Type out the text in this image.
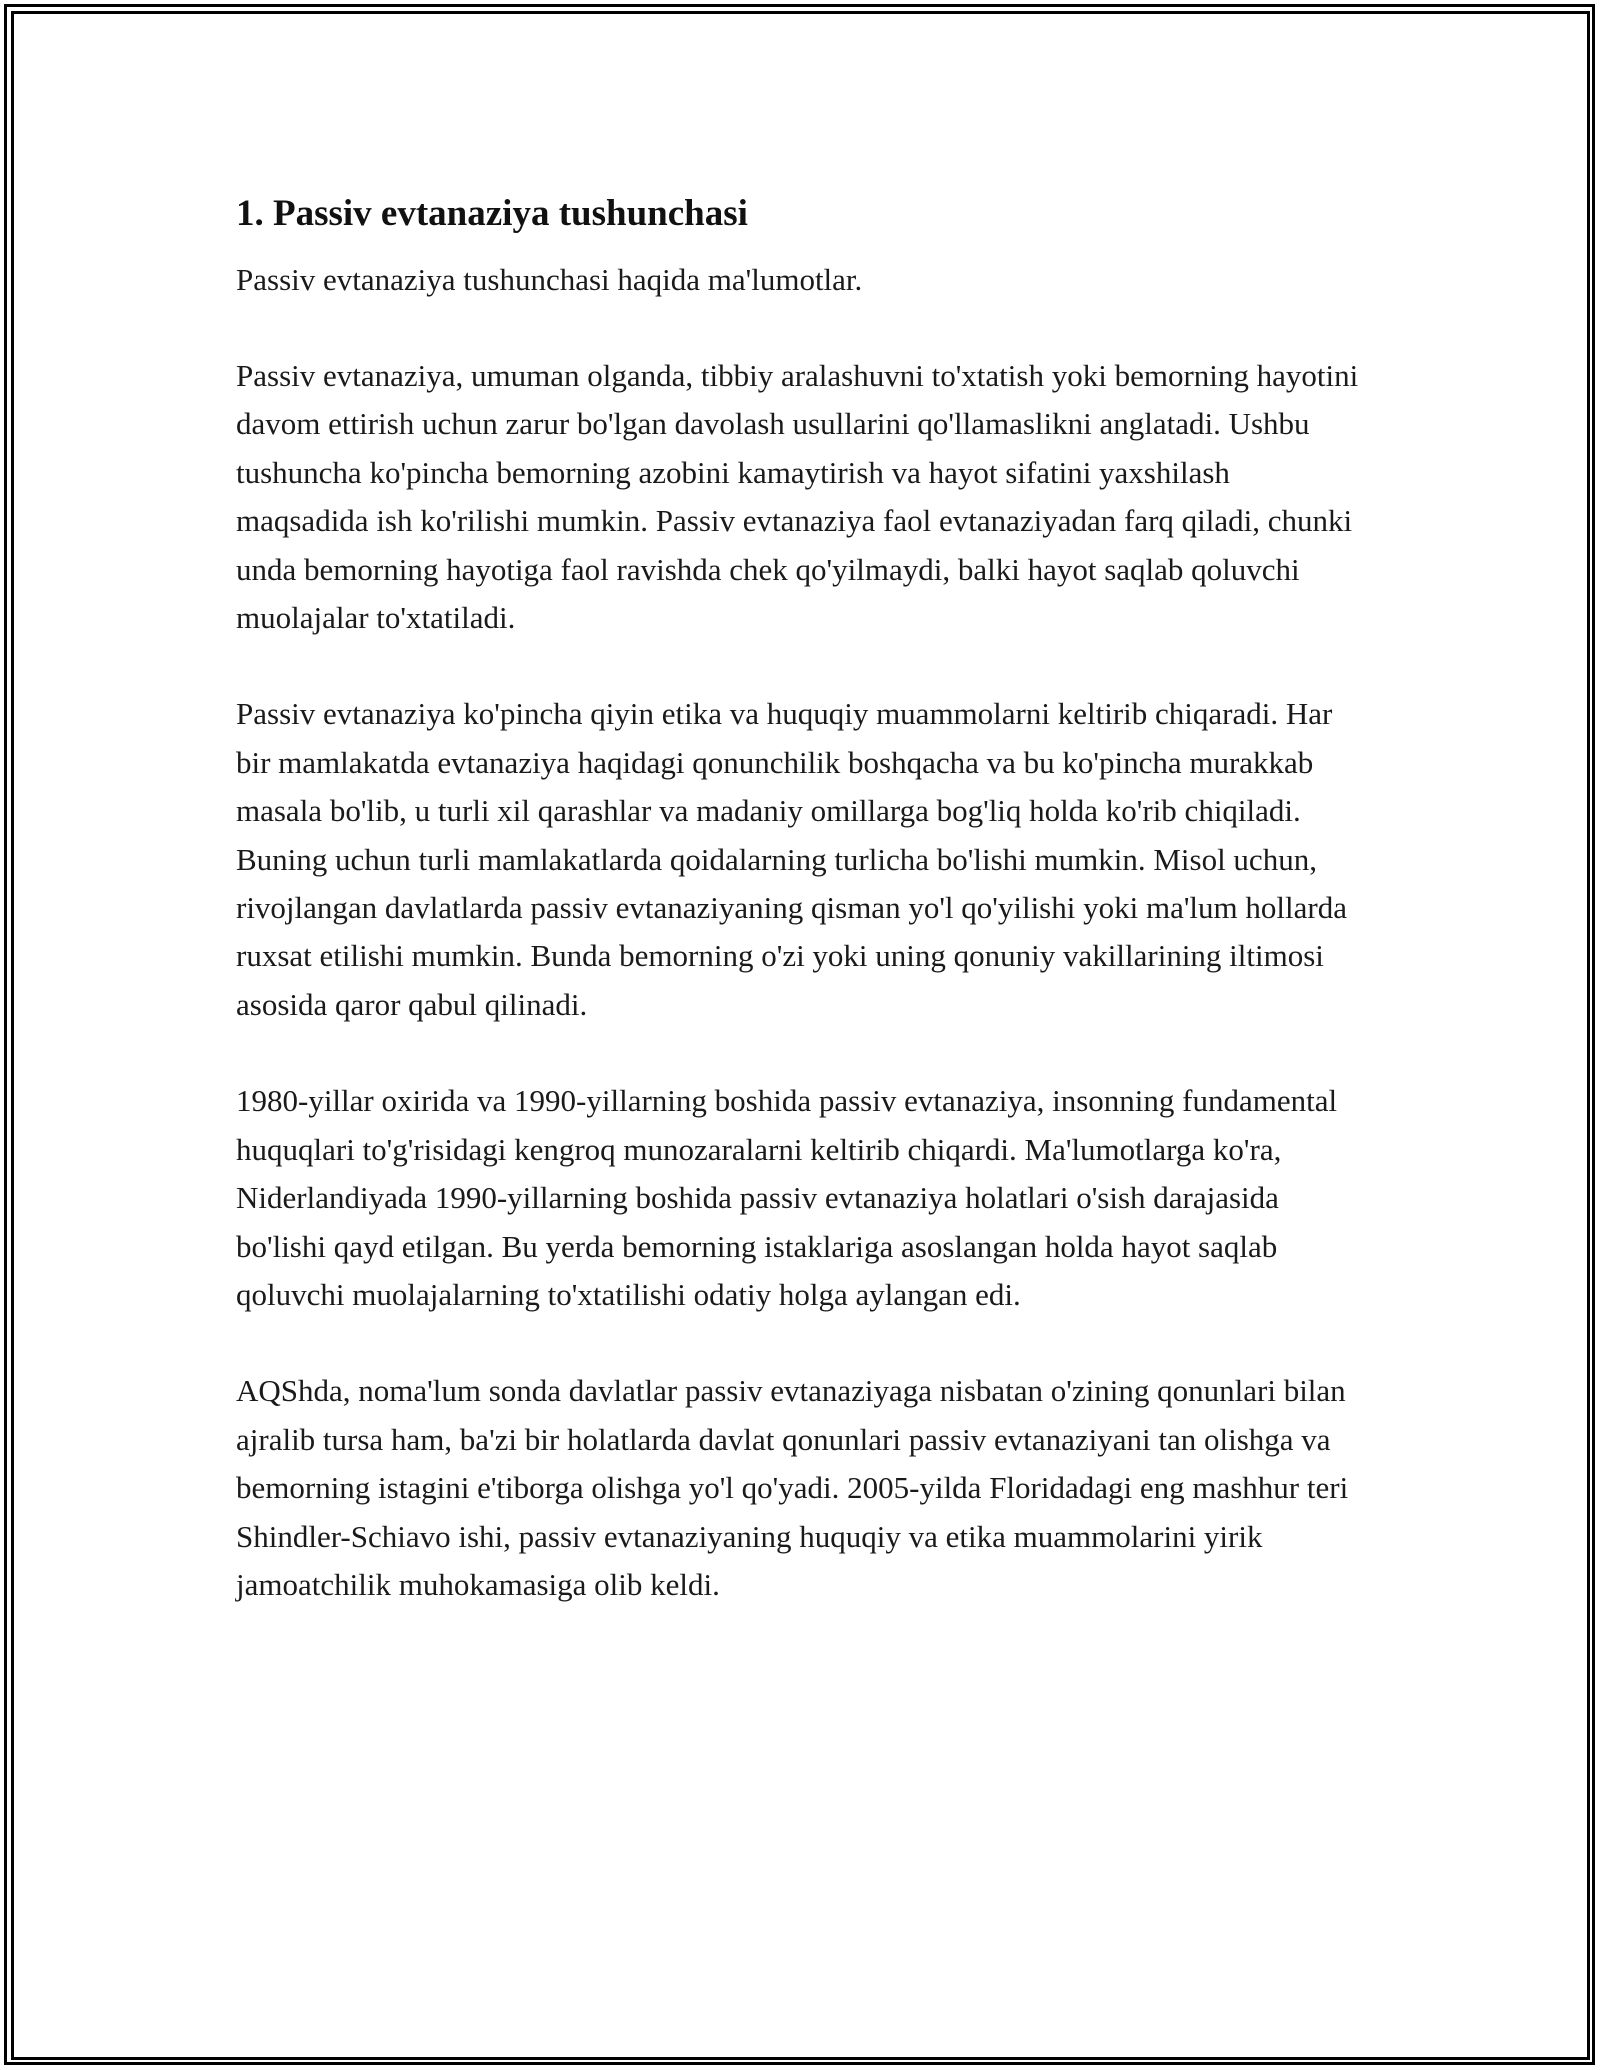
1. Passiv evtanaziya tushunchasi

Passiv evtanaziya tushunchasi haqida ma'lumotlar.

Passiv evtanaziya, umuman olganda, tibbiy aralashuvni to'xtatish yoki bemorning hayotini davom ettirish uchun zarur bo'lgan davolash usullarini qo'llamaslikni anglatadi. Ushbu tushuncha ko'pincha bemorning azobini kamaytirish va hayot sifatini yaxshilash maqsadida ish ko'rilishi mumkin. Passiv evtanaziya faol evtanaziyadan farq qiladi, chunki unda bemorning hayotiga faol ravishda chek qo'yilmaydi, balki hayot saqlab qoluvchi muolajalar to'xtatiladi.

Passiv evtanaziya ko'pincha qiyin etika va huquqiy muammolarni keltirib chiqaradi. Har bir mamlakatda evtanaziya haqidagi qonunchilik boshqacha va bu ko'pincha murakkab masala bo'lib, u turli xil qarashlar va madaniy omillarga bog'liq holda ko'rib chiqiladi. Buning uchun turli mamlakatlarda qoidalarning turlicha bo'lishi mumkin. Misol uchun, rivojlangan davlatlarda passiv evtanaziyaning qisman yo'l qo'yilishi yoki ma'lum hollarda ruxsat etilishi mumkin. Bunda bemorning o'zi yoki uning qonuniy vakillarining iltimosi asosida qaror qabul qilinadi.

1980-yillar oxirida va 1990-yillarning boshida passiv evtanaziya, insonning fundamental huquqlari to'g'risidagi kengroq munozaralarni keltirib chiqardi. Ma'lumotlarga ko'ra, Niderlandiyada 1990-yillarning boshida passiv evtanaziya holatlari o'sish darajasida bo'lishi qayd etilgan. Bu yerda bemorning istaklariga asoslangan holda hayot saqlab qoluvchi muolajalarning to'xtatilishi odatiy holga aylangan edi.

AQShda, noma'lum sonda davlatlar passiv evtanaziyaga nisbatan o'zining qonunlari bilan ajralib tursa ham, ba'zi bir holatlarda davlat qonunlari passiv evtanaziyani tan olishga va bemorning istagini e'tiborga olishga yo'l qo'yadi. 2005-yilda Floridadagi eng mashhur teri Shindler-Schiavo ishi, passiv evtanaziyaning huquqiy va etika muammolarini yirik jamoatchilik muhokamasiga olib keldi.
